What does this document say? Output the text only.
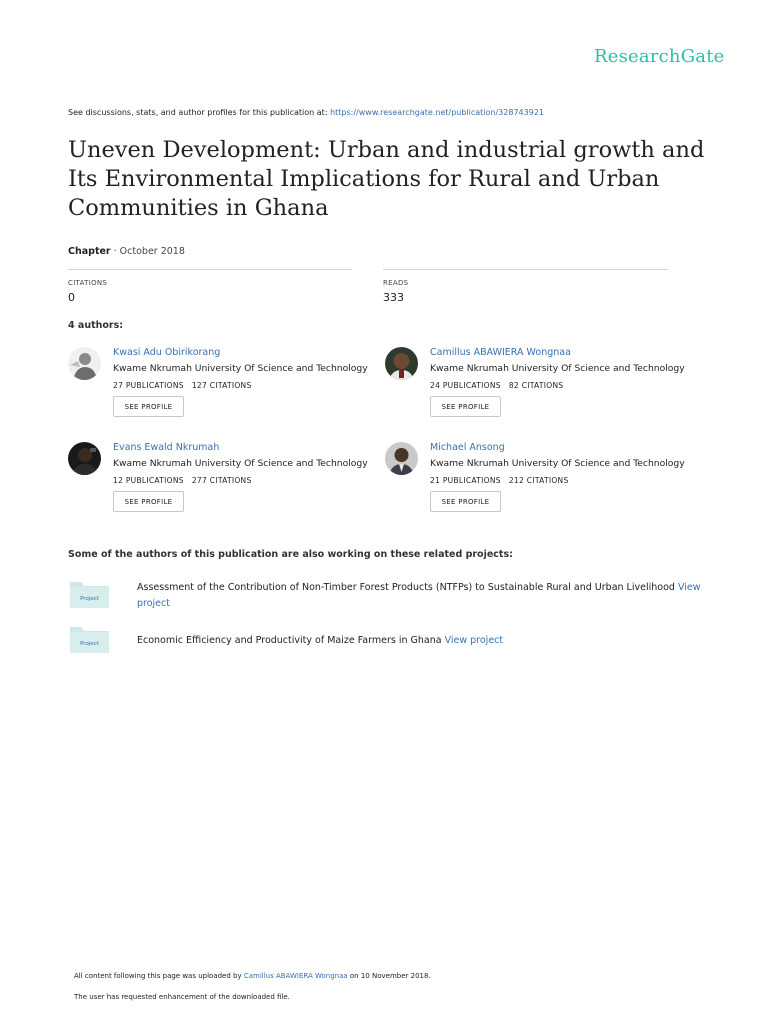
ResearchGate
See discussions, stats, and author profiles for this publication at: https://www.researchgate.net/publication/328743921
Uneven Development: Urban and industrial growth and
Its Environmental Implications for Rural and Urban
Communities in Ghana
Chapter · October 2018
CITATIONS
0
READS
333
4 authors:
Kwasi Adu Obirikorang
Kwame Nkrumah University Of Science and Technology
27 PUBLICATIONS 127 CITATIONS
SEE PROFILE
Camillus ABAWIERA Wongnaa
Kwame Nkrumah University Of Science and Technology
24 PUBLICATIONS 82 CITATIONS
SEE PROFILE
Evans Ewald Nkrumah
Kwame Nkrumah University Of Science and Technology
12 PUBLICATIONS 277 CITATIONS
SEE PROFILE
Michael Ansong
Kwame Nkrumah University Of Science and Technology
21 PUBLICATIONS 212 CITATIONS
SEE PROFILE
Some of the authors of this publication are also working on these related projects:
Project
Assessment of the Contribution of Non-Timber Forest Products (NTFPs) to Sustainable Rural and Urban Livelihood View
project
Project	Economic Efficiency and Productivity of Maize Farmers in Ghana View project
All content following this page was uploaded by Camillus ABAWIERA Wongnaa on 10 November 2018.
The user has requested enhancement of the downloaded file.
